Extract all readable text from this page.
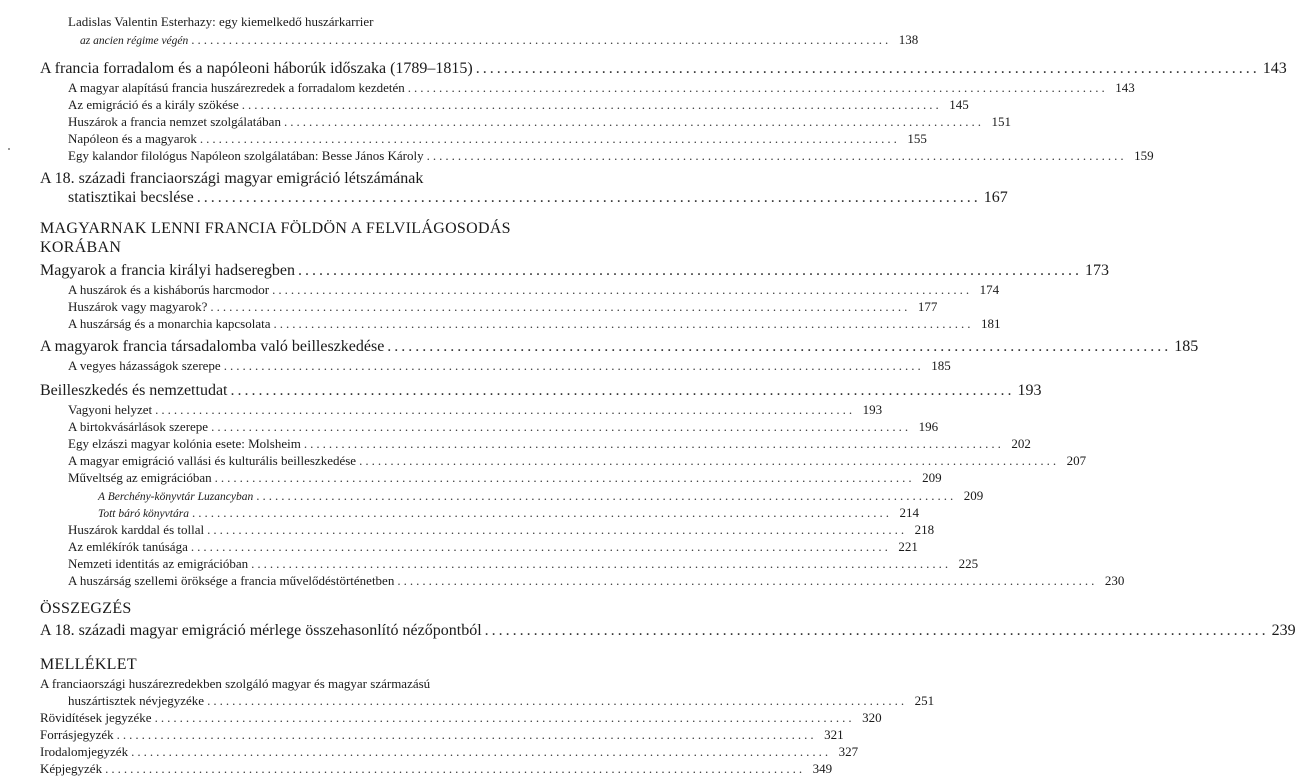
Ladislas Valentin Esterhazy: egy kiemelkedő huszárkarrier
az ancien régime végén ................................................................................................................ 138
A francia forradalom és a napóleoni háborúk időszaka (1789–1815) ................................................................................................................ 143
A magyar alapítású francia huszárezredek a forradalom kezdetén ................................................................................................................ 143
Az emigráció és a király szökése ................................................................................................................ 145
Huszárok a francia nemzet szolgálatában ................................................................................................................ 151
Napóleon és a magyarok ................................................................................................................ 155
Egy kalandor filológus Napóleon szolgálatában: Besse János Károly ................................................................................................................ 159
A 18. századi franciaországi magyar emigráció létszámának
statisztikai becslése ................................................................................................................ 167
MAGYARNAK LENNI FRANCIA FÖLDÖN A FELVILÁGOSODÁS
KORÁBAN
Magyarok a francia királyi hadseregben ................................................................................................................ 173
A huszárok és a kisháborús harcmodor ................................................................................................................ 174
Huszárok vagy magyarok? ................................................................................................................ 177
A huszárság és a monarchia kapcsolata ................................................................................................................ 181
A magyarok francia társadalomba való beilleszkedése ................................................................................................................ 185
A vegyes házasságok szerepe ................................................................................................................ 185
Beilleszkedés és nemzettudat ................................................................................................................ 193
Vagyoni helyzet ................................................................................................................ 193
A birtokvásárlások szerepe ................................................................................................................ 196
Egy elzászi magyar kolónia esete: Molsheim ................................................................................................................ 202
A magyar emigráció vallási és kulturális beilleszkedése ................................................................................................................ 207
Műveltség az emigrációban ................................................................................................................ 209
A Berchény-könyvtár Luzancyban ................................................................................................................ 209
Tott báró könyvtára ................................................................................................................ 214
Huszárok karddal és tollal ................................................................................................................ 218
Az emlékírók tanúsága ................................................................................................................ 221
Nemzeti identitás az emigrációban ................................................................................................................ 225
A huszárság szellemi öröksége a francia művelődéstörténetben ................................................................................................................ 230
ÖSSZEGZÉS
A 18. századi magyar emigráció mérlege összehasonlító nézőpontból ................................................................................................................ 239
MELLÉKLET
A franciaországi huszárezredekben szolgáló magyar és magyar származású
huszártisztek névjegyzéke ................................................................................................................ 251
Rövidítések jegyzéke ................................................................................................................ 320
Forrásjegyzék ................................................................................................................ 321
Irodalomjegyzék ................................................................................................................ 327
Képjegyzék ................................................................................................................ 349
